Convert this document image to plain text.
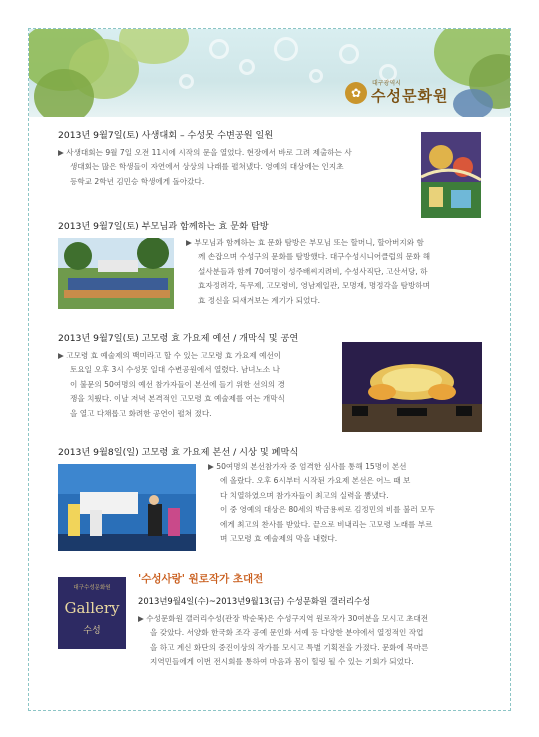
✿ 수성문화원
대구광역시
2013년 9월7일(토) 사생대회 – 수성못 수변공원 일원
▶ 사생대회는 9월 7일 오전 11시에 시작의 문을 열었다. 현장에서 바로 그려 제출하는 사
생대회는 많은 학생들이 자연에서 상상의 나래를 펼쳐냈다. 영예의 대상에는 인지초
등학교 2학년 김민승 학생에게 돌아갔다.
2013년 9월7일(토) 부모님과 함께하는 효 문화 탐방
▶ 부모님과 함께하는 효 문화 탐방은 부모님 또는 할머니, 할아버지와 함
께 손잡으며 수성구의 문화를 탐방했다. 대구수성시니어클럽의 문화 해
설사분들과 함께 70여명이 성주배씨지려비, 수성사직단, 고산서당, 하
효자정려각, 독무제, 고모령비, 영남제일관, 모명재, 명정각을 탐방하며
효 정신을 되새겨보는 계기가 되었다.
2013년 9월7일(토) 고모령 효 가요제 예선 / 개막식 및 공연
▶ 고모령 효 예술제의 백미라고 할 수 있는 고모령 효 가요제 예선이
토요일 오후 3시 수성못 일대 수변공원에서 열렸다. 남녀노소 나
이 불문의 50여명의 예선 참가자들이 본선에 들기 위한 선의의 경
쟁을 치뤘다. 이날 저녁 본격적인 고모령 효 예술제를 여는 개막식
을 열고 다채롭고 화려한 공연이 펼쳐 졌다.
2013년 9월8일(일) 고모령 효 가요제 본선 / 시상 및 폐막식
▶ 50여명의 본선참가자 중 엄격한 심사를 통해 15명이 본선
에 올랐다. 오후 6시부터 시작된 가요제 본선은 어느 때 보
다 치열하였으며 참가자들이 최고의 실력을 뽐냈다.
이 중 영예의 대상은 80세의 박금용씨로 김정민의 비를 불러 모두
에게 최고의 찬사를 받았다. 끝으로 비내리는 고모령 노래를 부르
며 고모령 효 예술제의 막을 내렸다.
대구수성문화원
Gallery
수성
'수성사랑' 원로작가 초대전
2013년9월4일(수)~2013년9월13(금) 수성문화원 갤러리수성
▶ 수성문화원 갤러리수성(관장 박순복)은 수성구지역 원로작가 30여분을 모시고 초대전
을 갖았다. 서양화 한국화 조각 공예 문인화 서예 등 다양한 분야에서 열정적인 작업
을 하고 계신 화단의 중진이상의 작가를 모시고 특별 기획전을 가졌다. 문화에 목마른
지역민들에게 이번 전시회를 통하여 마음과 몸이 힐링 될 수 있는 기회가 되었다.
